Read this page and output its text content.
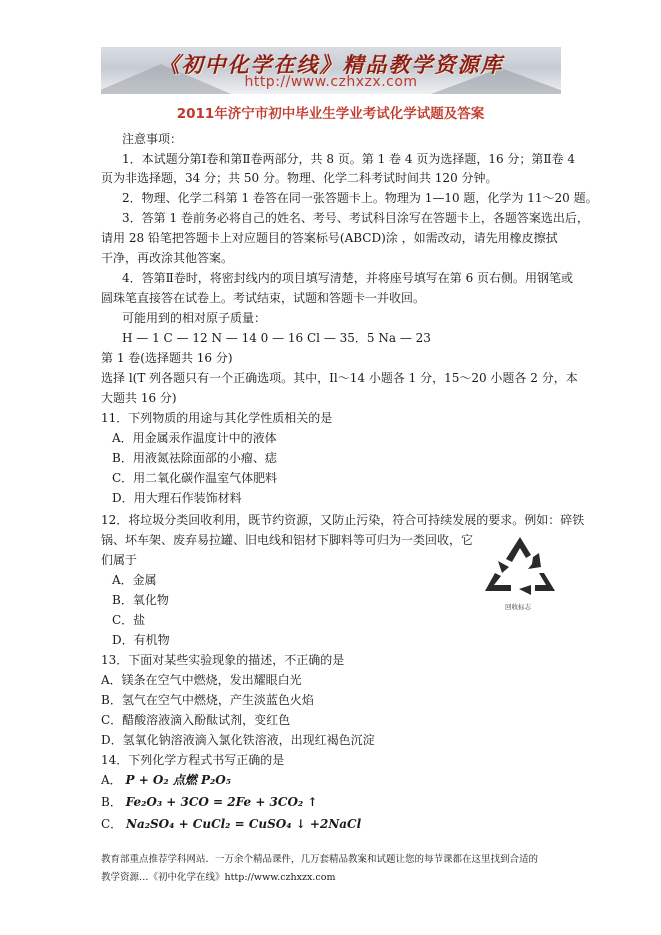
《初中化学在线》精品教学资源库
http://www.czhxzx.com
2011年济宁市初中毕业生学业考试化学试题及答案
注意事项：
1．本试题分第Ⅰ卷和第Ⅱ卷两部分，共 8 页。第 1 卷 4 页为选择题，16 分；第Ⅱ卷 4
页为非选择题，34 分；共 50 分。物理、化学二科考试时间共 120 分钟。
2．物理、化学二科第 1 卷答在同一张答题卡上。物理为 1—10 题，化学为 11～20 题。
3．答第 1 卷前务必将自己的姓名、考号、考试科目涂写在答题卡上，各题答案选出后，
请用 28 铅笔把答题卡上对应题目的答案标号(ABCD)涂 ，如需改动，请先用橡皮擦拭
干净，再改涂其他答案。
4．答第Ⅱ卷时，将密封线内的项目填写清楚，并将座号填写在第 6 页右侧。用钢笔或
圆珠笔直接答在试卷上。考试结束，试题和答题卡一并收回。
可能用到的相对原子质量：
H — 1 C — 12 N — 14 0 — 16 Cl — 35．5 Na — 23
第 1 卷(选择题共 16 分)
选择 l(T 列各题只有一个正确选项。其中，Il～14 小题各 1 分，15～20 小题各 2 分，本
大题共 16 分)
11．下列物质的用途与其化学性质相关的是
A．用金属汞作温度计中的液体
B．用液氮祛除面部的小瘤、痣
C．用二氧化碳作温室气体肥料
D．用大理石作装饰材料
12．将垃圾分类回收利用，既节约资源，又防止污染，符合可持续发展的要求。例如：碎铁
锅、坏车架、废弃易拉罐、旧电线和铝材下脚料等可归为一类回收，它
们属于
A．金属
B．氧化物
C．盐
D．有机物
回收标志
13．下面对某些实验现象的描述，不正确的是
A．镁条在空气中燃烧，发出耀眼白光
B．氢气在空气中燃烧，产生淡蓝色火焰
C．醋酸溶液滴入酚酞试剂，变红色
D．氢氧化钠溶液滴入氯化铁溶液，出现红褐色沉淀
14．下列化学方程式书写正确的是
A． P + O₂ 点燃 P₂O₅
B． Fe₂O₃ + 3CO = 2Fe + 3CO₂ ↑
C． Na₂SO₄ + CuCl₂ = CuSO₄ ↓ +2NaCl
教育部重点推荐学科网站．一万余个精品课件，几万套精品教案和试题让您的每节课都在这里找到合适的
教学资源…《初中化学在线》http://www.czhxzx.com
